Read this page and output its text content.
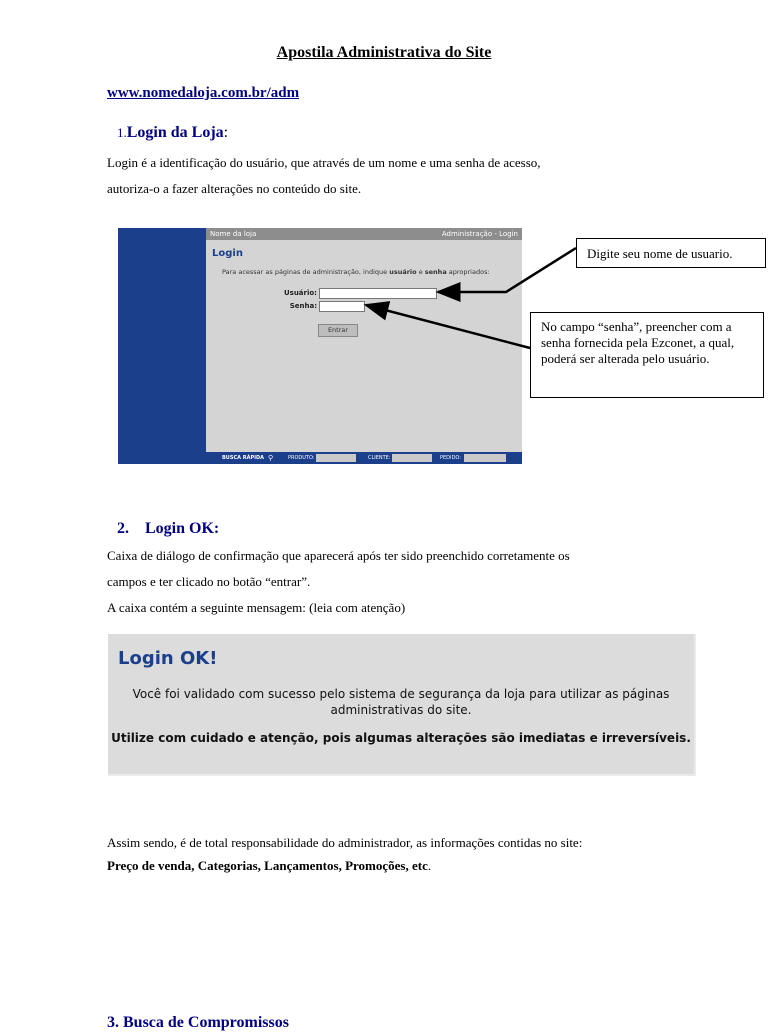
Apostila Administrativa do Site
www.nomedaloja.com.br/adm
1.Login da Loja:
Login é a identificação do usuário, que através de um nome e uma senha de acesso,
autoriza-o a fazer alterações no conteúdo do site.
Nome da loja	Administração - Login
Login
Para acessar as páginas de administração, indique usuário e senha apropriados:
Usuário:
Senha:
Entrar
BUSCA RÁPIDA ⚲	PRODUTO:	CLIENTE:	PEDIDO:
Digite seu nome de usuario.
No campo “senha”, preencher com a senha fornecida pela Ezconet, a qual, poderá ser alterada pelo usuário.
2. Login OK:
Caixa de diálogo de confirmação que aparecerá após ter sido preenchido corretamente os
campos e ter clicado no botão “entrar”.
A caixa contém a seguinte mensagem: (leia com atenção)
Login OK!
Você foi validado com sucesso pelo sistema de segurança da loja para utilizar as páginas administrativas do site.
Utilize com cuidado e atenção, pois algumas alterações são imediatas e irreversíveis.
Assim sendo, é de total responsabilidade do administrador, as informações contidas no site:
Preço de venda, Categorias, Lançamentos, Promoções, etc.
3. Busca de Compromissos
